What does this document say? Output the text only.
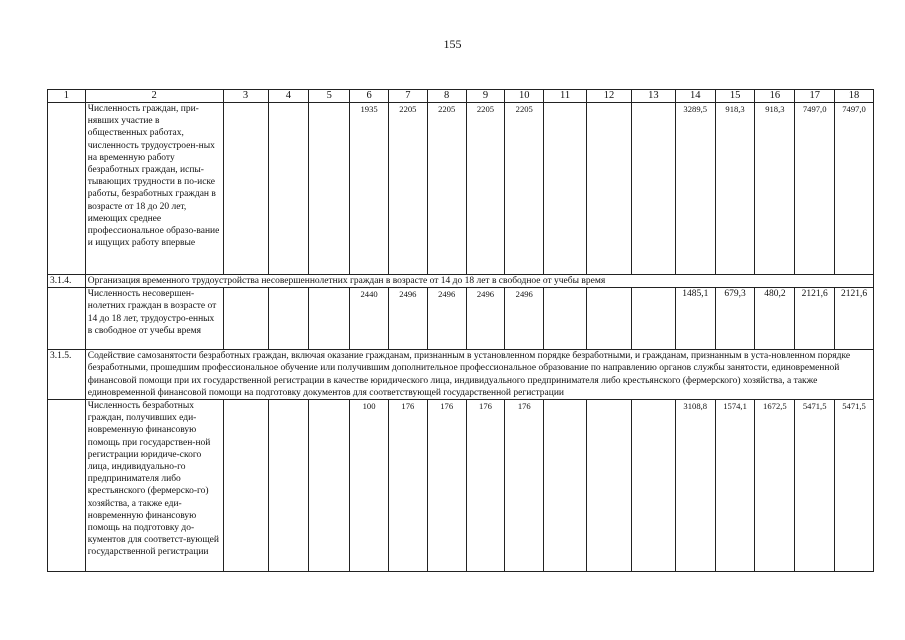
155
1	2	3	4	5	6	7	8	9	10	11	12	13	14	15	16	17	18
	Численность граждан, при-нявших участие в общественных работах, численность трудоустроен-ных на временную работу безработных граждан, испы-тывающих трудности в по-иске работы, безработных граждан в возрасте от 18 до 20 лет, имеющих среднее профессиональное образо-вание и ищущих работу впервые				1935	2205	2205	2205	2205				3289,5	918,3	918,3	7497,0	7497,0
3.1.4.	Организация временного трудоустройства несовершеннолетних граждан в возрасте от 14 до 18 лет в свободное от учебы время																
	Численность несовершен-нолетних граждан в возрасте от 14 до 18 лет, трудоустро-енных в свободное от учебы время				2440	2496	2496	2496	2496				1485,1	679,3	480,2	2121,6	2121,6
3.1.5.	Содействие самозанятости безработных граждан, включая оказание гражданам, признанным в установленном порядке безработными, и гражданам, признанным в уста-новленном порядке безработными, прошедшим профессиональное обучение или получившим дополнительное профессиональное образование по направлению органов службы занятости, единовременной финансовой помощи при их государственной регистрации в качестве юридического лица, индивидуального предпринимателя либо крестьянского (фермерского) хозяйства, а также единовременной финансовой помощи на подготовку документов для соответствующей государственной регистрации																
	Численность безработных граждан, получивших еди-новременную финансовую помощь при государствен-ной регистрации юридиче-ского лица, индивидуально-го предпринимателя либо крестьянского (фермерско-го) хозяйства, а также еди-новременную финансовую помощь на подготовку до-кументов для соответст-вующей государственной регистрации				100	176	176	176	176				3108,8	1574,1	1672,5	5471,5	5471,5
